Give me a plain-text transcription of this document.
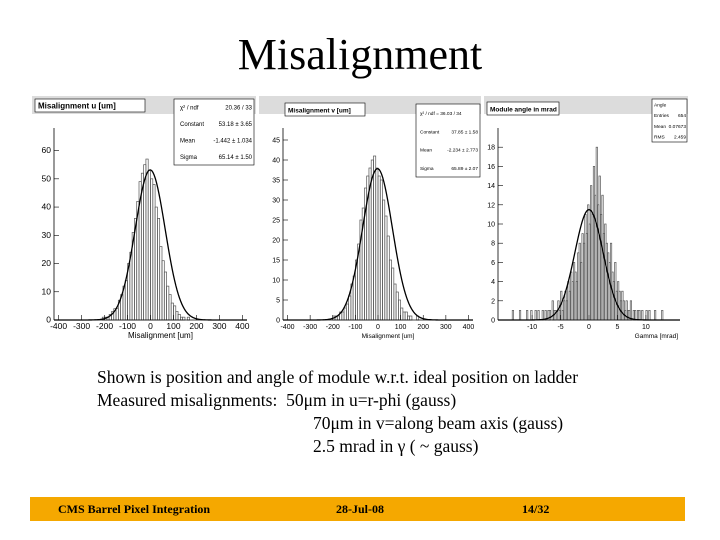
Misalignment
0
10
20
30
40
50
60
-400 -300 -200 -100 0 100 200 300 400
Misalignment [um]
Misalignment u [um]	χ² / ndf	20.36 / 33
Constant 53.18 ± 3.65
Mean	-1.442 ± 1.034
Sigma	65.14 ± 1.50
0
5
10
15
20
25
30
35
40
45
-400 -300 -200 -100 0 100 200 300 400
Misalignment [um]
Misalignment v [um]
χ² / ndf = 36.03 / 34
Constant	37.85 ± 1.58
Mean	-2.234 ± 2.773
Sigma	65.89 ± 2.07
0
2
4
6
8
10
12
14
16
18
-10	-5	0	5	10
Gamma [mrad]
Module angle in mrad
Angle
Entries 654
Mean 0.07673
RMS 2.459
Shown is position and angle of module w.r.t. ideal position on ladder
Measured misalignments:  50μm in u=r-phi (gauss)
70μm in v=along beam axis (gauss)
2.5 mrad in γ ( ~ gauss)
CMS Barrel Pixel Integration	28-Jul-08	14/32
